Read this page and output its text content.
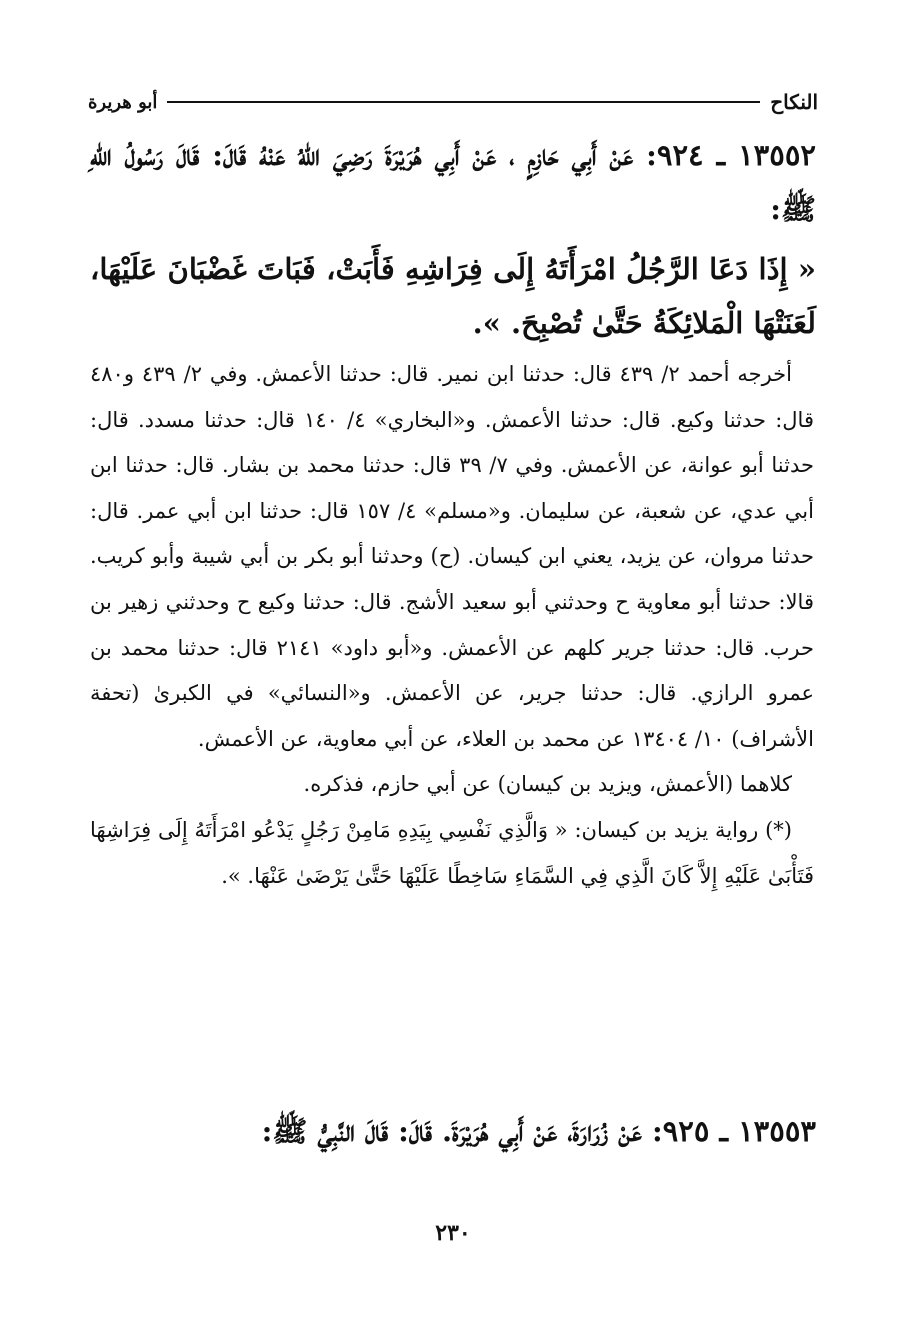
النكاح
أبو هريرة
١٣٥٥٢ ـ ٩٢٤: عَنْ أَبِي حَازِمٍ ، عَنْ أَبِي هُرَيْرَةَ رَضِيَ اللهُ عَنْهُ قَالَ: قَالَ رَسُولُ اللهِ ﷺ:
« إِذَا دَعَا الرَّجُلُ امْرَأَتَهُ إِلَى فِرَاشِهِ فَأَبَتْ، فَبَاتَ غَضْبَانَ عَلَيْهَا، لَعَنَتْهَا الْمَلائِكَةُ حَتَّىٰ تُصْبِحَ. ».

أخرجه أحمد ٢/ ٤٣٩ قال: حدثنا ابن نمير. قال: حدثنا الأعمش. وفي ٢/ ٤٣٩ و٤٨٠ قال: حدثنا وكيع. قال: حدثنا الأعمش. و«البخاري» ٤/ ١٤٠ قال: حدثنا مسدد. قال: حدثنا أبو عوانة، عن الأعمش. وفي ٧/ ٣٩ قال: حدثنا محمد بن بشار. قال: حدثنا ابن أبي عدي، عن شعبة، عن سليمان. و«مسلم» ٤/ ١٥٧ قال: حدثنا ابن أبي عمر. قال: حدثنا مروان، عن يزيد، يعني ابن كيسان. (ح) وحدثنا أبو بكر بن أبي شيبة وأبو كريب. قالا: حدثنا أبو معاوية ح وحدثني أبو سعيد الأشج. قال: حدثنا وكيع ح وحدثني زهير بن حرب. قال: حدثنا جرير كلهم عن الأعمش. و«أبو داود» ٢١٤١ قال: حدثنا محمد بن عمرو الرازي. قال: حدثنا جرير، عن الأعمش. و«النسائي» في الكبرىٰ (تحفة الأشراف) ١٠/ ١٣٤٠٤ عن محمد بن العلاء، عن أبي معاوية، عن الأعمش.

كلاهما (الأعمش، ويزيد بن كيسان) عن أبي حازم، فذكره.

(*) رواية يزيد بن كيسان: « وَالَّذِي نَفْسِي بِيَدِهِ مَامِنْ رَجُلٍ يَدْعُو امْرَأَتَهُ إِلَى فِرَاشِهَا فَتَأْبَىٰ عَلَيْهِ إِلاَّ كَانَ الَّذِي فِي السَّمَاءِ سَاخِطًا عَلَيْهَا حَتَّىٰ يَرْضَىٰ عَنْهَا. ».

١٣٥٥٣ ـ ٩٢٥: عَنْ زُرَارَةَ، عَنْ أَبِي هُرَيْرَةَ. قَالَ: قَالَ النَّبِيُّ ﷺ:
٢٣٠
